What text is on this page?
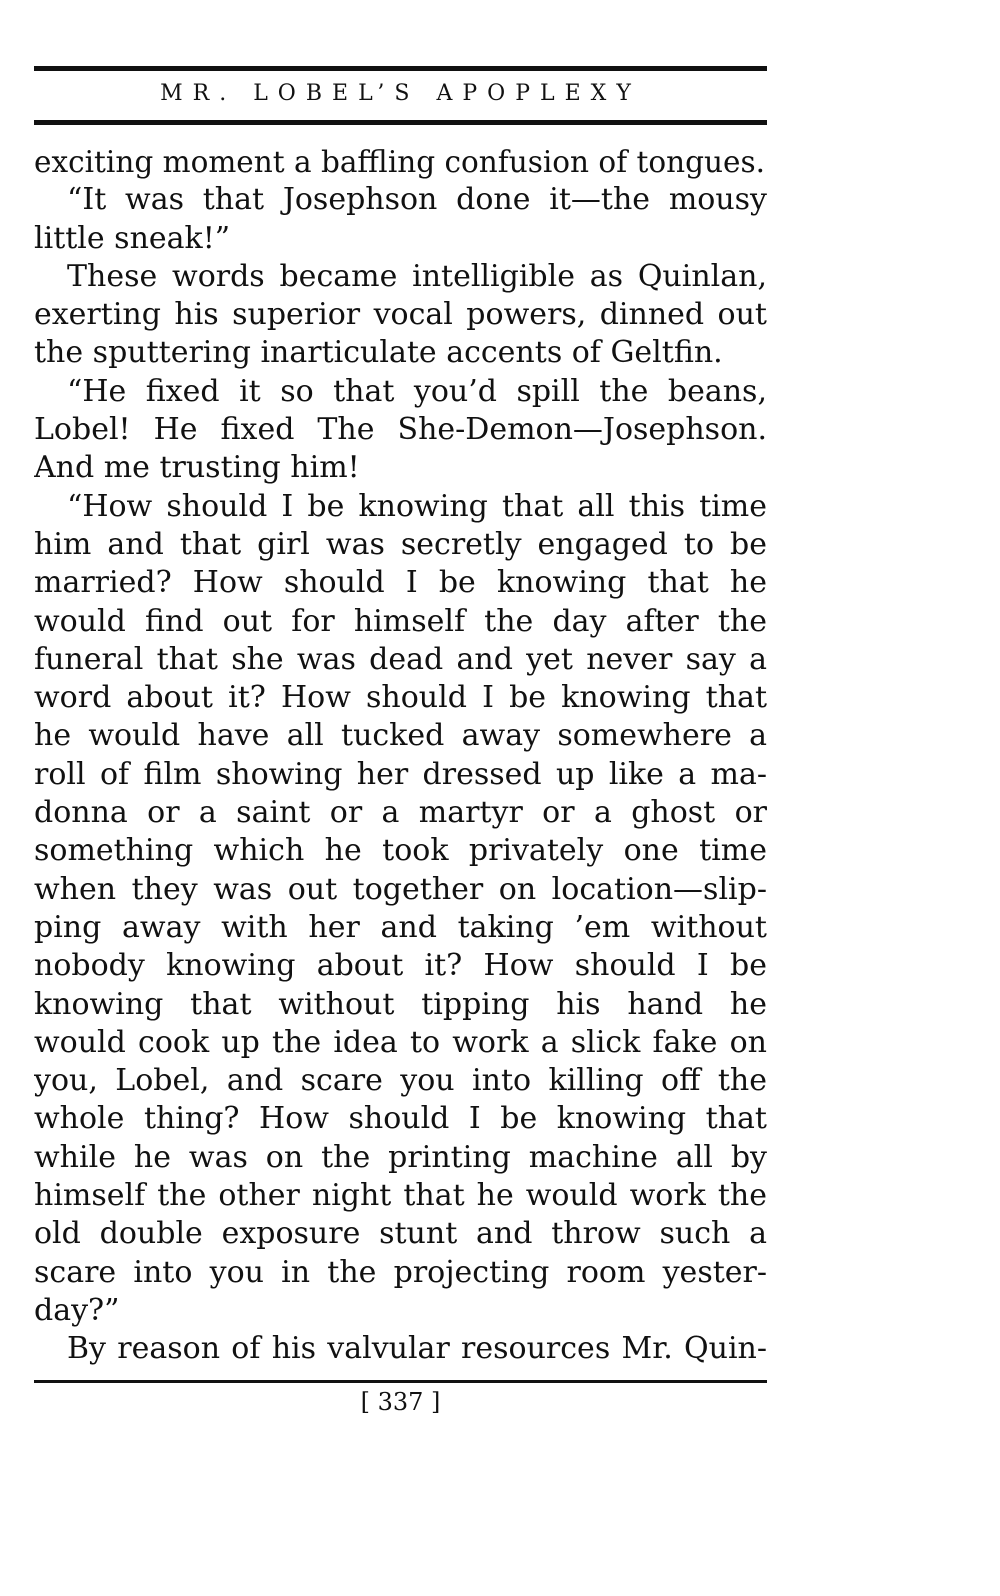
MR. LOBEL’S APOPLEXY
exciting moment a baffling confusion of tongues.
“It was that Josephson done it—the mousy
little sneak!”
These words became intelligible as Quinlan,
exerting his superior vocal powers, dinned out
the sputtering inarticulate accents of Geltfin.
“He fixed it so that you’d spill the beans,
Lobel! He fixed The She-Demon—Josephson.
And me trusting him!
“How should I be knowing that all this time
him and that girl was secretly engaged to be
married? How should I be knowing that he
would find out for himself the day after the
funeral that she was dead and yet never say a
word about it? How should I be knowing that
he would have all tucked away somewhere a
roll of film showing her dressed up like a ma-
donna or a saint or a martyr or a ghost or
something which he took privately one time
when they was out together on location—slip-
ping away with her and taking ’em without
nobody knowing about it? How should I be
knowing that without tipping his hand he
would cook up the idea to work a slick fake on
you, Lobel, and scare you into killing off the
whole thing? How should I be knowing that
while he was on the printing machine all by
himself the other night that he would work the
old double exposure stunt and throw such a
scare into you in the projecting room yester-
day?”
By reason of his valvular resources Mr. Quin-
[ 337 ]
